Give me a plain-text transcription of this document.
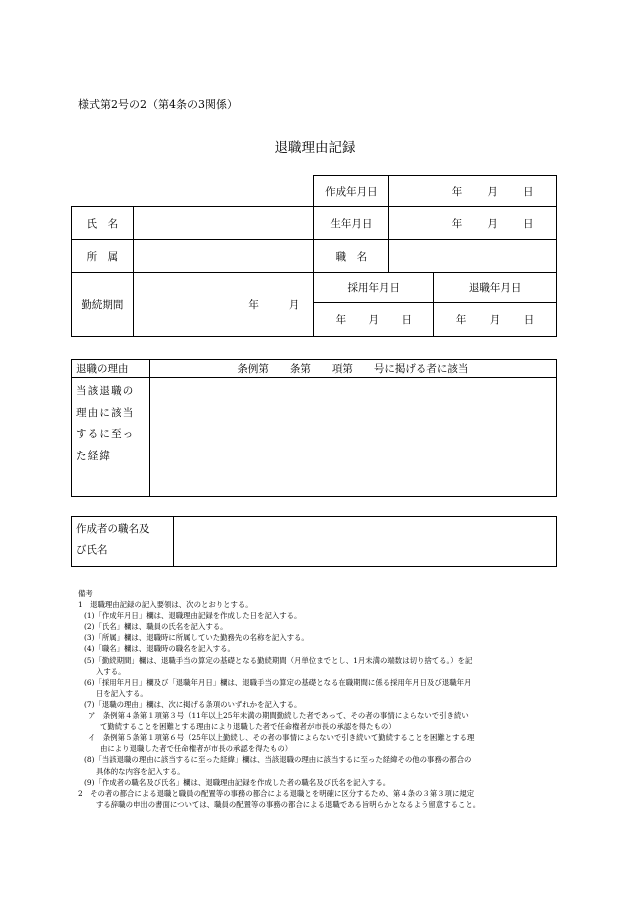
様式第2号の2（第4条の3関係）
退職理由記録
		作成年月日	年 月 日	

氏　名		生年月日	年 月 日	

所　属		職　名		
勤続期間	年 月	採用年月日		退職年月日

		年 月 日		年 月 日
退職の理由	条例第　　条第　　項第　　号に掲げる者に該当

当該退職の
理由に該当
するに至っ
た経緯	

作成者の職名及
び氏名

備考
1　退職理由記録の記入要領は、次のとおりとする。
(1)「作成年月日」欄は、退職理由記録を作成した日を記入する。
(2)「氏名」欄は、職員の氏名を記入する。
(3)「所属」欄は、退職時に所属していた勤務先の名称を記入する。
(4)「職名」欄は、退職時の職名を記入する。
(5)「勤続期間」欄は、退職手当の算定の基礎となる勤続期間（月単位までとし、1月未満の端数は切り捨てる。）を記
入する。
(6)「採用年月日」欄及び「退職年月日」欄は、退職手当の算定の基礎となる在職期間に係る採用年月日及び退職年月
日を記入する。
(7)「退職の理由」欄は、次に掲げる条項のいずれかを記入する。
ア　条例第４条第１項第３号（11年以上25年未満の期間勤続した者であって、その者の事情によらないで引き続い
て勤続することを困難とする理由により退職した者で任命権者が市長の承認を得たもの）
イ　条例第５条第１項第６号（25年以上勤続し、その者の事情によらないで引き続いて勤続することを困難とする理
由により退職した者で任命権者が市長の承認を得たもの）
(8)「当該退職の理由に該当するに至った経緯」欄は、当該退職の理由に該当するに至った経緯その他の事務の都合の
具体的な内容を記入する。
(9)「作成者の職名及び氏名」欄は、退職理由記録を作成した者の職名及び氏名を記入する。
2　その者の都合による退職と職員の配置等の事務の都合による退職とを明確に区分するため、第４条の３第３項に規定
する辞職の申出の書面については、職員の配置等の事務の都合による退職である旨明らかとなるよう留意すること。
